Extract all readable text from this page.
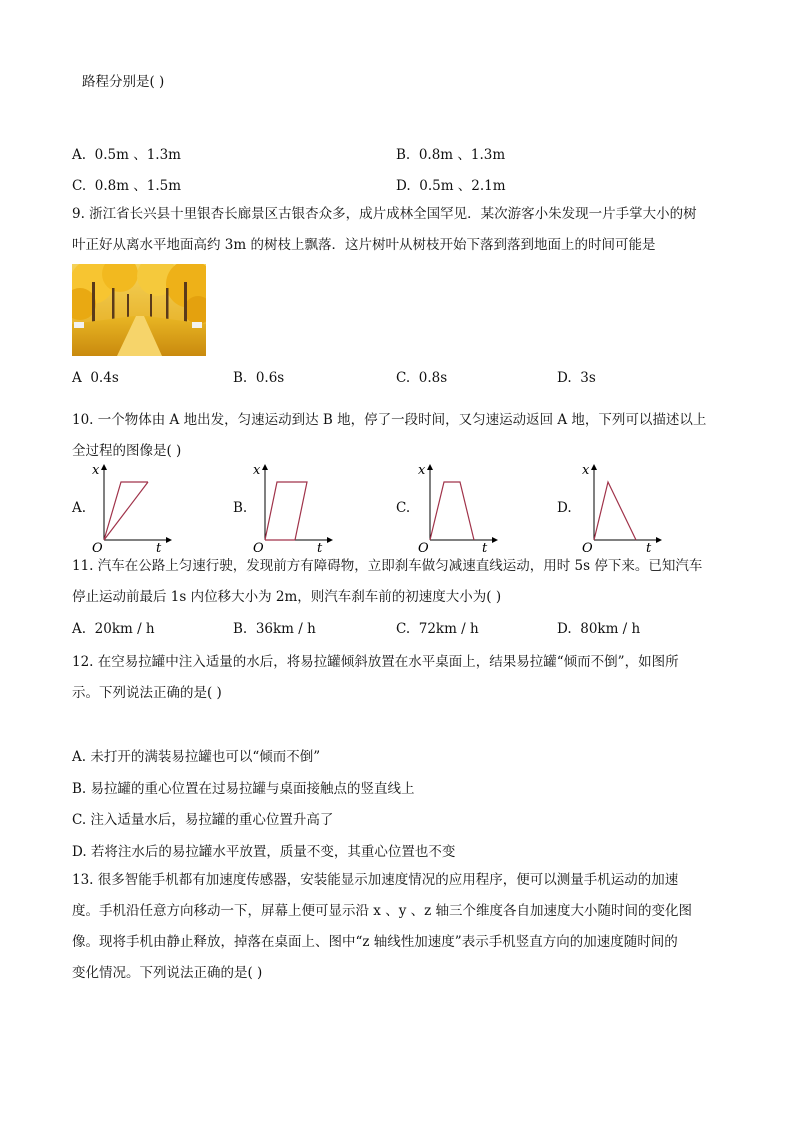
路程分别是( )
A. 0.5m 、1.3m	B. 0.8m 、1.3m
C. 0.8m 、1.5m	D. 0.5m 、2.1m
9. 浙江省长兴县十里银杏长廊景区古银杏众多，成片成林全国罕见．某次游客小朱发现一片手掌大小的树
叶正好从离水平地面高约 3m 的树枝上飘落．这片树叶从树枝开始下落到落到地面上的时间可能是
A 0.4s	B. 0.6s	C. 0.8s	D. 3s
10. 一个物体由 A 地出发，匀速运动到达 B 地，停了一段时间，又匀速运动返回 A 地，下列可以描述以上
全过程的图像是( )
A.
x
t
O
B.
x
t
O
C.
x
t
O
D.
x
t
O
11. 汽车在公路上匀速行驶，发现前方有障碍物，立即刹车做匀减速直线运动，用时 5s 停下来。已知汽车
停止运动前最后 1s 内位移大小为 2m，则汽车刹车前的初速度大小为( )
A. 20km / h	B. 36km / h	C. 72km / h	D. 80km / h
12. 在空易拉罐中注入适量的水后，将易拉罐倾斜放置在水平桌面上，结果易拉罐“倾而不倒”，如图所
示。下列说法正确的是( )
A. 未打开的满装易拉罐也可以“倾而不倒”
B. 易拉罐的重心位置在过易拉罐与桌面接触点的竖直线上
C. 注入适量水后，易拉罐的重心位置升高了
D. 若将注水后的易拉罐水平放置，质量不变，其重心位置也不变
13. 很多智能手机都有加速度传感器，安装能显示加速度情况的应用程序，便可以测量手机运动的加速
度。手机沿任意方向移动一下，屏幕上便可显示沿 x 、y 、z 轴三个维度各自加速度大小随时间的变化图
像。现将手机由静止释放，掉落在桌面上、图中“z 轴线性加速度”表示手机竖直方向的加速度随时间的
变化情况。下列说法正确的是( )
